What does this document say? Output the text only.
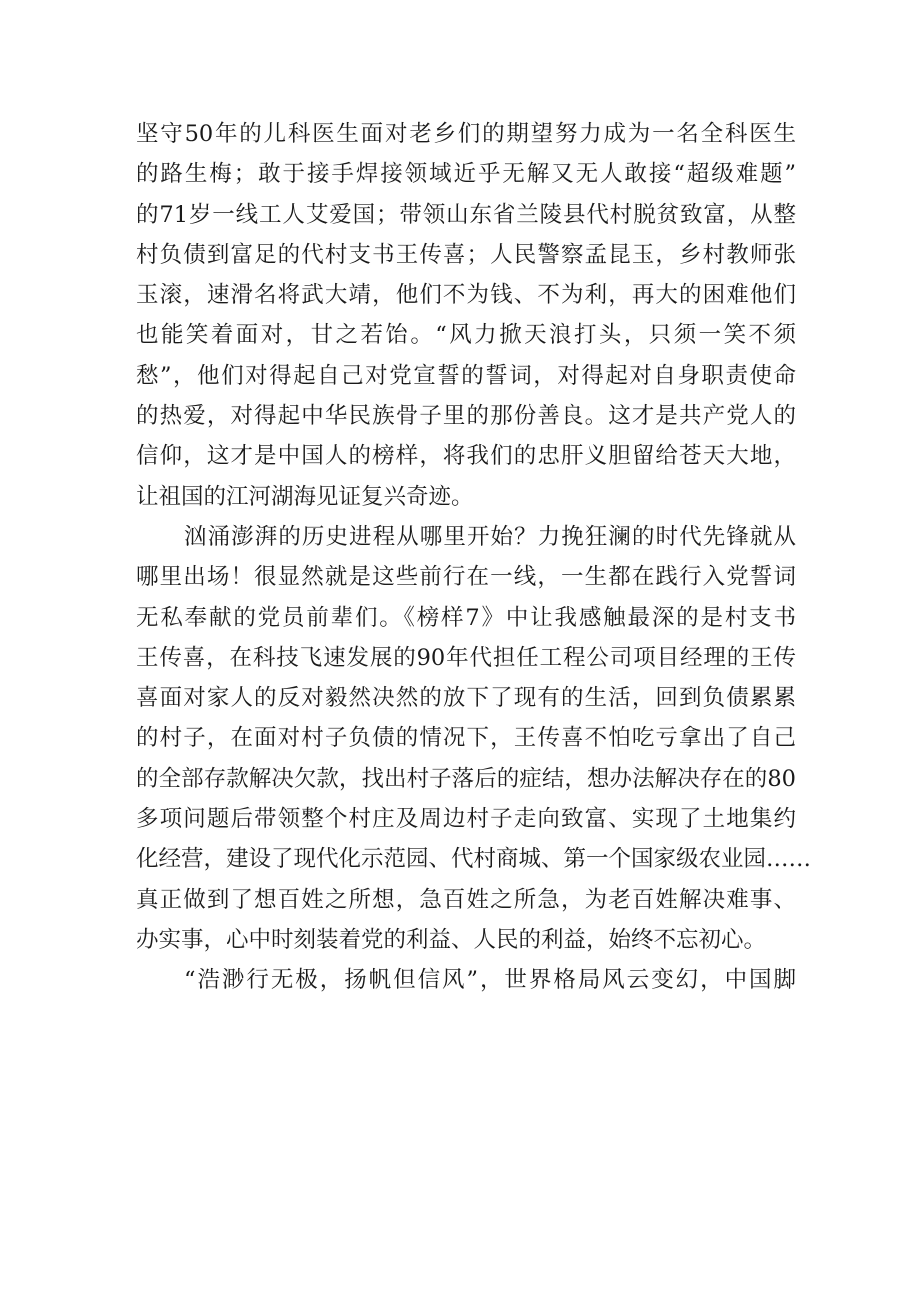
坚守50年的儿科医生面对老乡们的期望努力成为一名全科医生
的路生梅；敢于接手焊接领域近乎无解又无人敢接“超级难题”
的71岁一线工人艾爱国；带领山东省兰陵县代村脱贫致富，从整
村负债到富足的代村支书王传喜；人民警察孟昆玉，乡村教师张
玉滚，速滑名将武大靖，他们不为钱、不为利，再大的困难他们
也能笑着面对，甘之若饴。“风力掀天浪打头，只须一笑不须
愁”，他们对得起自己对党宣誓的誓词，对得起对自身职责使命
的热爱，对得起中华民族骨子里的那份善良。这才是共产党人的
信仰，这才是中国人的榜样，将我们的忠肝义胆留给苍天大地，
让祖国的江河湖海见证复兴奇迹。
汹涌澎湃的历史进程从哪里开始？力挽狂澜的时代先锋就从
哪里出场！很显然就是这些前行在一线，一生都在践行入党誓词
无私奉献的党员前辈们。《榜样7》中让我感触最深的是村支书
王传喜，在科技飞速发展的90年代担任工程公司项目经理的王传
喜面对家人的反对毅然决然的放下了现有的生活，回到负债累累
的村子，在面对村子负债的情况下，王传喜不怕吃亏拿出了自己
的全部存款解决欠款，找出村子落后的症结，想办法解决存在的80
多项问题后带领整个村庄及周边村子走向致富、实现了土地集约
化经营，建设了现代化示范园、代村商城、第一个国家级农业园……
真正做到了想百姓之所想，急百姓之所急，为老百姓解决难事、
办实事，心中时刻装着党的利益、人民的利益，始终不忘初心。
“浩渺行无极，扬帆但信风”，世界格局风云变幻，中国脚
